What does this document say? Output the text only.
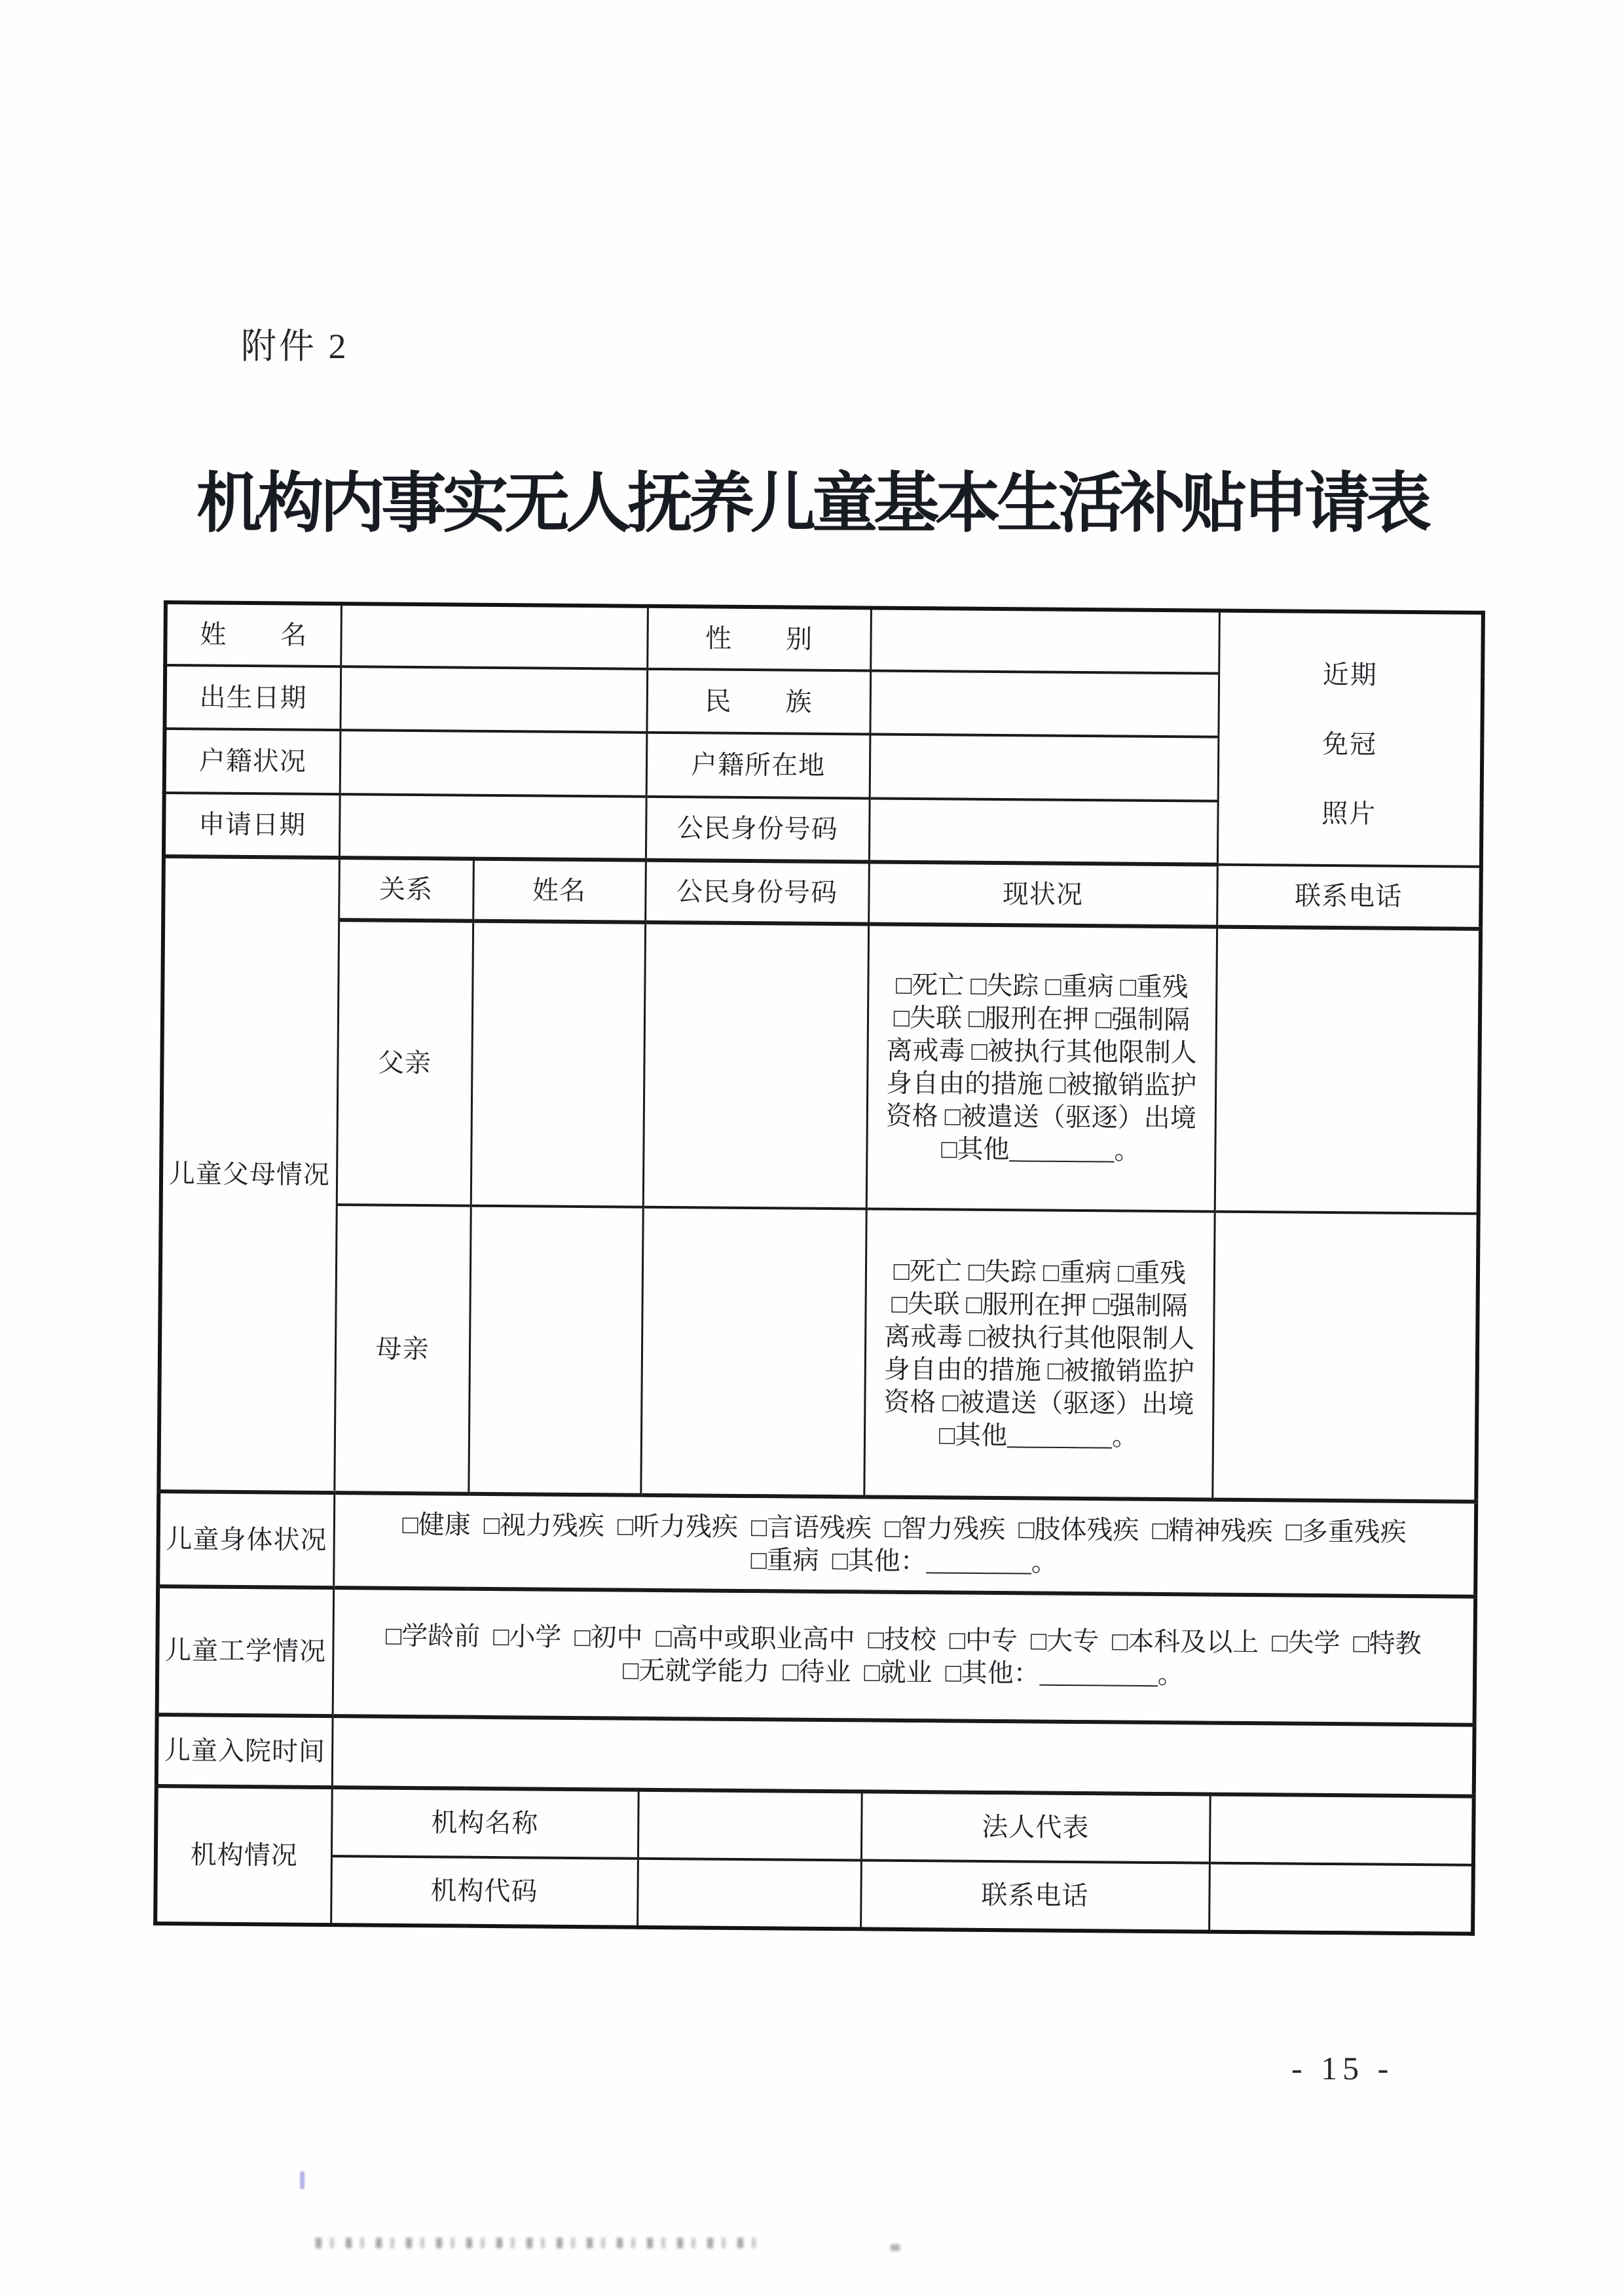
附件 2
机构内事实无人抚养儿童基本生活补贴申请表
姓　　名			性　　别		近期
免冠
照片

出生日期			民　　族		
户籍状况			户籍所在地		
申请日期			公民身份号码		
儿童父母情况	关系	姓名	公民身份号码	现状况	联系电话
父亲			□死亡 □失踪 □重病 □重残
□失联 □服刑在押 □强制隔
离戒毒 □被执行其他限制人
身自由的措施 □被撤销监护
资格 □被遣送（驱逐）出境
□其他________。	
母亲			□死亡 □失踪 □重病 □重残
□失联 □服刑在押 □强制隔
离戒毒 □被执行其他限制人
身自由的措施 □被撤销监护
资格 □被遣送（驱逐）出境
□其他________。	
儿童身体状况	□健康  □视力残疾  □听力残疾  □言语残疾  □智力残疾  □肢体残疾  □精神残疾  □多重残疾
□重病  □其他：________。				
儿童工学情况	□学龄前  □小学  □初中  □高中或职业高中  □技校  □中专  □大专  □本科及以上  □失学  □特教
□无就学能力  □待业  □就业  □其他：_________。				
儿童入院时间					
机构情况	机构名称			法人代表	
	机构代码			联系电话	
- 15 -
